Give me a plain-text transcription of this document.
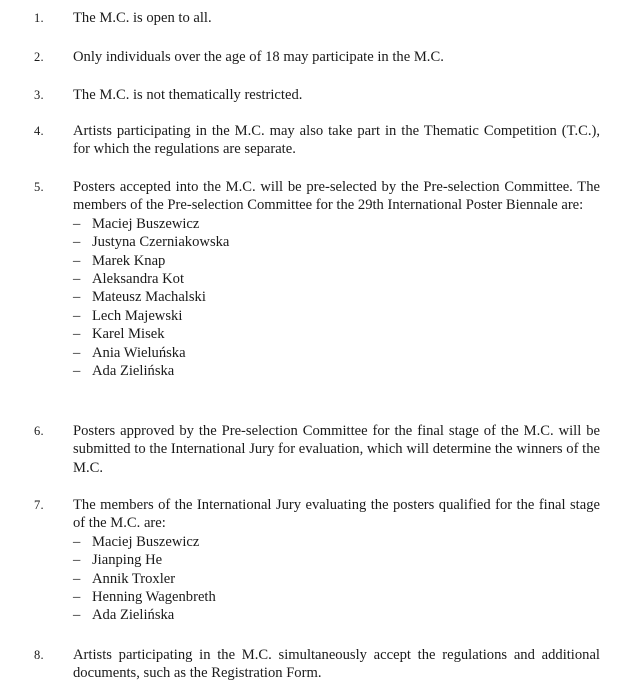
1. The M.C. is open to all.

2. Only individuals over the age of 18 may participate in the M.C.

3. The M.C. is not thematically restricted.

4. Artists participating in the M.C. may also take part in the Thematic Competition (T.C.), for which the regulations are separate.

5. Posters accepted into the M.C. will be pre-selected by the Pre-selection Committee. The members of the Pre-selection Committee for the 29th International Poster Biennale are:

– Maciej Buszewicz
– Justyna Czerniakowska
– Marek Knap
– Aleksandra Kot
– Mateusz Machalski
– Lech Majewski
– Karel Misek
– Ania Wieluńska
– Ada Zielińska
6. Posters approved by the Pre-selection Committee for the final stage of the M.C. will be submitted to the International Jury for evaluation, which will determine the winners of the M.C.

7. The members of the International Jury evaluating the posters qualified for the final stage of the M.C. are:

– Maciej Buszewicz
– Jianping He
– Annik Troxler
– Henning Wagenbreth
– Ada Zielińska
8. Artists participating in the M.C. simultaneously accept the regulations and additional documents, such as the Registration Form.
